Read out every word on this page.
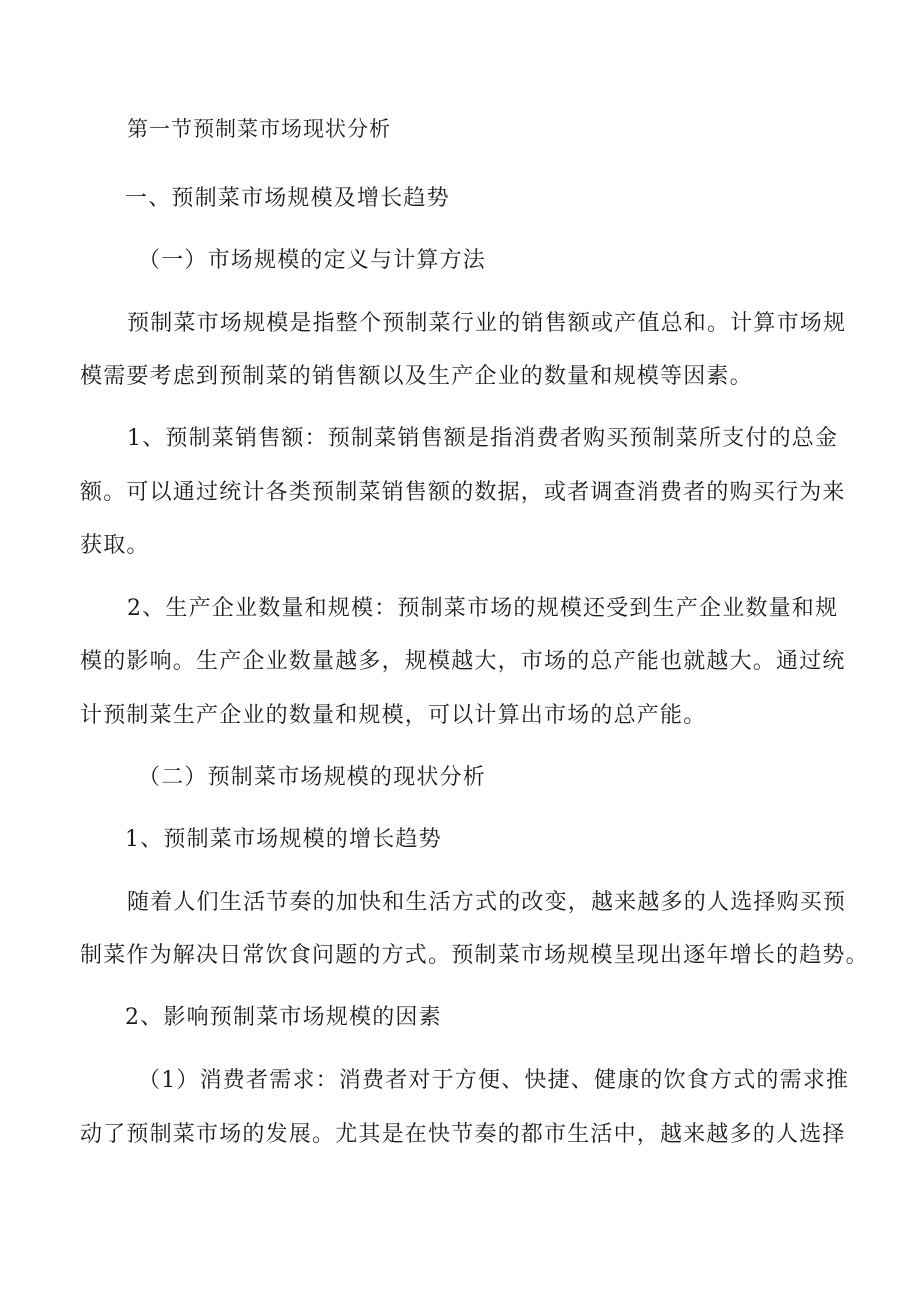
第一节预制菜市场现状分析
一、预制菜市场规模及增长趋势
（一）市场规模的定义与计算方法
预制菜市场规模是指整个预制菜行业的销售额或产值总和。计算市场规
模需要考虑到预制菜的销售额以及生产企业的数量和规模等因素。
1、预制菜销售额：预制菜销售额是指消费者购买预制菜所支付的总金
额。可以通过统计各类预制菜销售额的数据，或者调查消费者的购买行为来
获取。
2、生产企业数量和规模：预制菜市场的规模还受到生产企业数量和规
模的影响。生产企业数量越多，规模越大，市场的总产能也就越大。通过统
计预制菜生产企业的数量和规模，可以计算出市场的总产能。
（二）预制菜市场规模的现状分析
1、预制菜市场规模的增长趋势
随着人们生活节奏的加快和生活方式的改变，越来越多的人选择购买预
制菜作为解决日常饮食问题的方式。预制菜市场规模呈现出逐年增长的趋势。
2、影响预制菜市场规模的因素
（1）消费者需求：消费者对于方便、快捷、健康的饮食方式的需求推
动了预制菜市场的发展。尤其是在快节奏的都市生活中，越来越多的人选择
